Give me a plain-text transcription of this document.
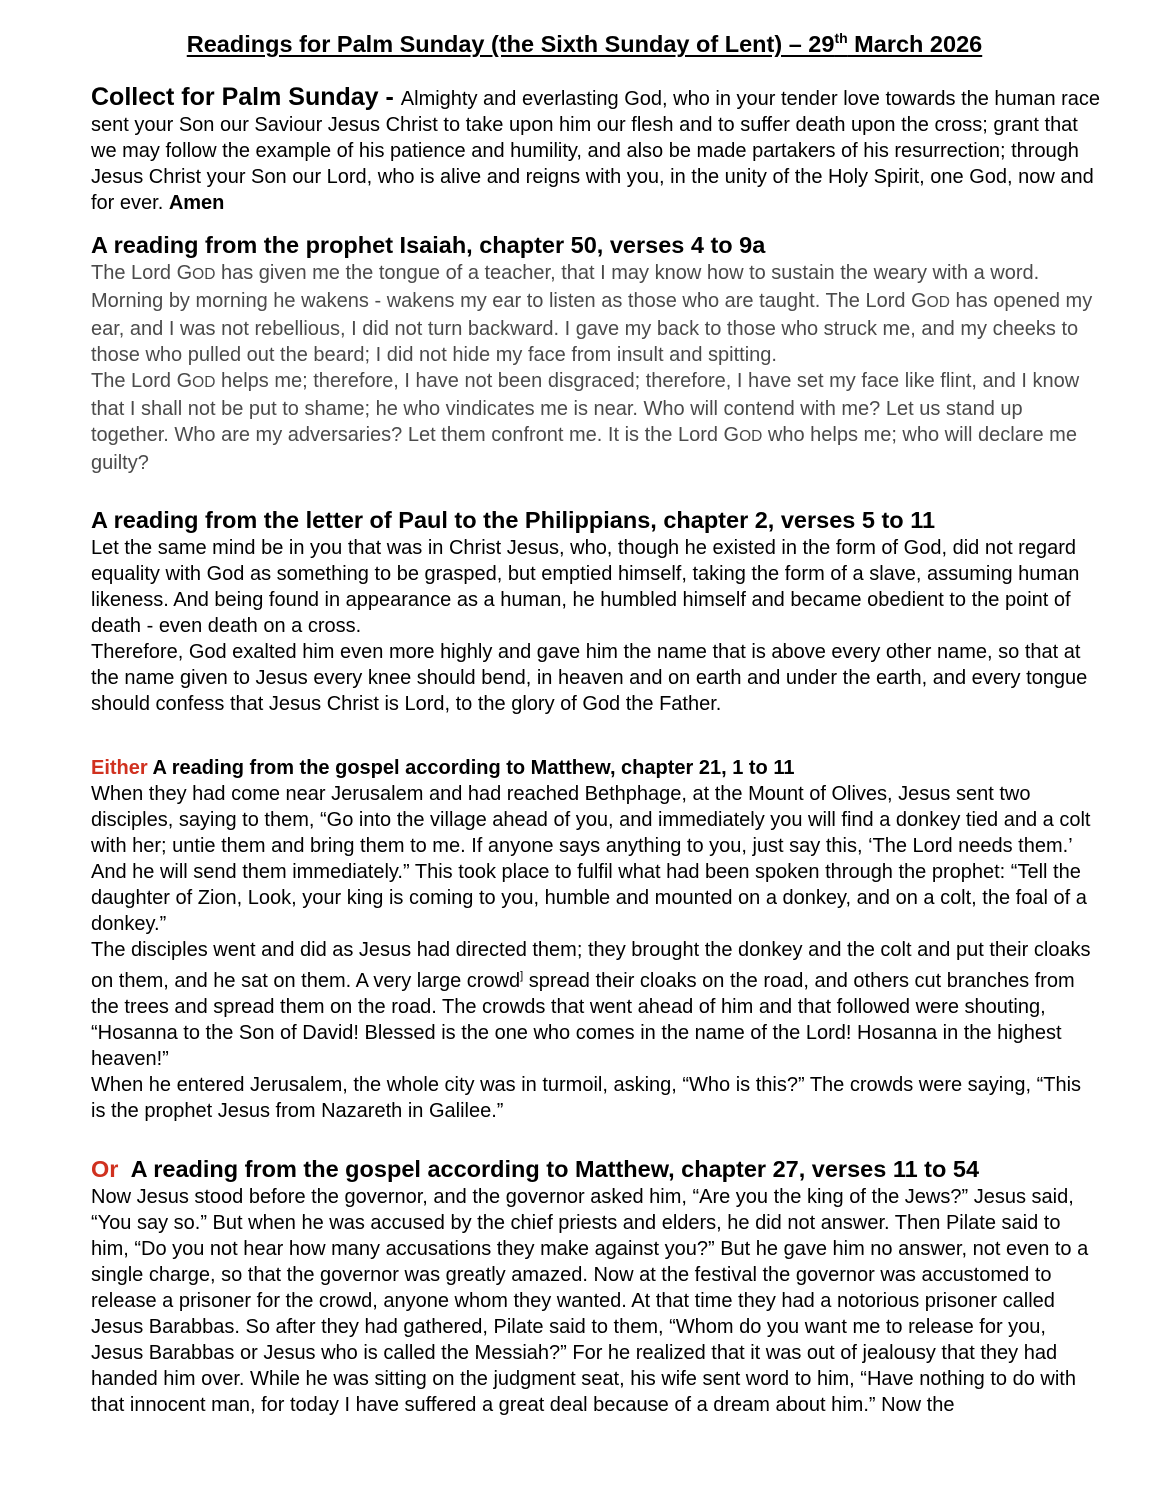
Readings for Palm Sunday (the Sixth Sunday of Lent) – 29th March 2026

Collect for Palm Sunday - Almighty and everlasting God, who in your tender love towards the human race sent your Son our Saviour Jesus Christ to take upon him our flesh and to suffer death upon the cross; grant that we may follow the example of his patience and humility, and also be made partakers of his resurrection; through Jesus Christ your Son our Lord, who is alive and reigns with you, in the unity of the Holy Spirit, one God, now and for ever. Amen

A reading from the prophet Isaiah, chapter 50, verses 4 to 9a

The Lord GOD has given me the tongue of a teacher, that I may know how to sustain the weary with a word. Morning by morning he wakens - wakens my ear to listen as those who are taught. The Lord GOD has opened my ear, and I was not rebellious, I did not turn backward. I gave my back to those who struck me, and my cheeks to those who pulled out the beard; I did not hide my face from insult and spitting.

The Lord GOD helps me; therefore, I have not been disgraced; therefore, I have set my face like flint, and I know that I shall not be put to shame; he who vindicates me is near. Who will contend with me? Let us stand up together. Who are my adversaries? Let them confront me. It is the Lord GOD who helps me; who will declare me guilty?

A reading from the letter of Paul to the Philippians, chapter 2, verses 5 to 11

Let the same mind be in you that was in Christ Jesus, who, though he existed in the form of God, did not regard equality with God as something to be grasped, but emptied himself, taking the form of a slave, assuming human likeness. And being found in appearance as a human, he humbled himself and became obedient to the point of death - even death on a cross.

Therefore, God exalted him even more highly and gave him the name that is above every other name, so that at the name given to Jesus every knee should bend, in heaven and on earth and under the earth, and every tongue should confess that Jesus Christ is Lord, to the glory of God the Father.

Either A reading from the gospel according to Matthew, chapter 21, 1 to 11

When they had come near Jerusalem and had reached Bethphage, at the Mount of Olives, Jesus sent two disciples, saying to them, “Go into the village ahead of you, and immediately you will find a donkey tied and a colt with her; untie them and bring them to me. If anyone says anything to you, just say this, ‘The Lord needs them.’ And he will send them immediately.” This took place to fulfil what had been spoken through the prophet: “Tell the daughter of Zion, Look, your king is coming to you, humble and mounted on a donkey, and on a colt, the foal of a donkey.”

The disciples went and did as Jesus had directed them; they brought the donkey and the colt and put their cloaks on them, and he sat on them. A very large crowd] spread their cloaks on the road, and others cut branches from the trees and spread them on the road. The crowds that went ahead of him and that followed were shouting, “Hosanna to the Son of David! Blessed is the one who comes in the name of the Lord! Hosanna in the highest heaven!”

When he entered Jerusalem, the whole city was in turmoil, asking, “Who is this?” The crowds were saying, “This is the prophet Jesus from Nazareth in Galilee.”

Or  A reading from the gospel according to Matthew, chapter 27, verses 11 to 54

Now Jesus stood before the governor, and the governor asked him, “Are you the king of the Jews?” Jesus said, “You say so.” But when he was accused by the chief priests and elders, he did not answer. Then Pilate said to him, “Do you not hear how many accusations they make against you?” But he gave him no answer, not even to a single charge, so that the governor was greatly amazed. Now at the festival the governor was accustomed to release a prisoner for the crowd, anyone whom they wanted. At that time they had a notorious prisoner called Jesus Barabbas. So after they had gathered, Pilate said to them, “Whom do you want me to release for you, Jesus Barabbas or Jesus who is called the Messiah?” For he realized that it was out of jealousy that they had handed him over. While he was sitting on the judgment seat, his wife sent word to him, “Have nothing to do with that innocent man, for today I have suffered a great deal because of a dream about him.” Now the
